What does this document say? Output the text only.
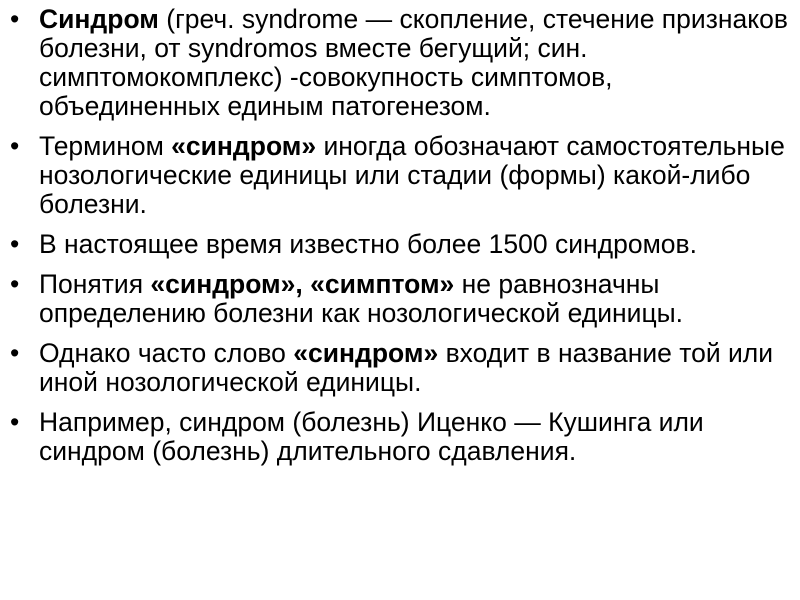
• Синдром (греч. syndrome — скопление, стечение признаков болезни, от syndromos вместе бегущий; син. симптомокомплекс) -совокупность симптомов, объединенных единым патогенезом.
• Термином «синдром» иногда обозначают самостоятельные нозологические единицы или стадии (формы) какой-либо болезни.
• В настоящее время известно более 1500 синдромов.
• Понятия «синдром», «симптом» не равнозначны определению болезни как нозологической единицы.
• Однако часто слово «синдром» входит в название той или иной нозологической единицы.
• Например, синдром (болезнь) Иценко — Кушинга или синдром (болезнь) длительного сдавления.
